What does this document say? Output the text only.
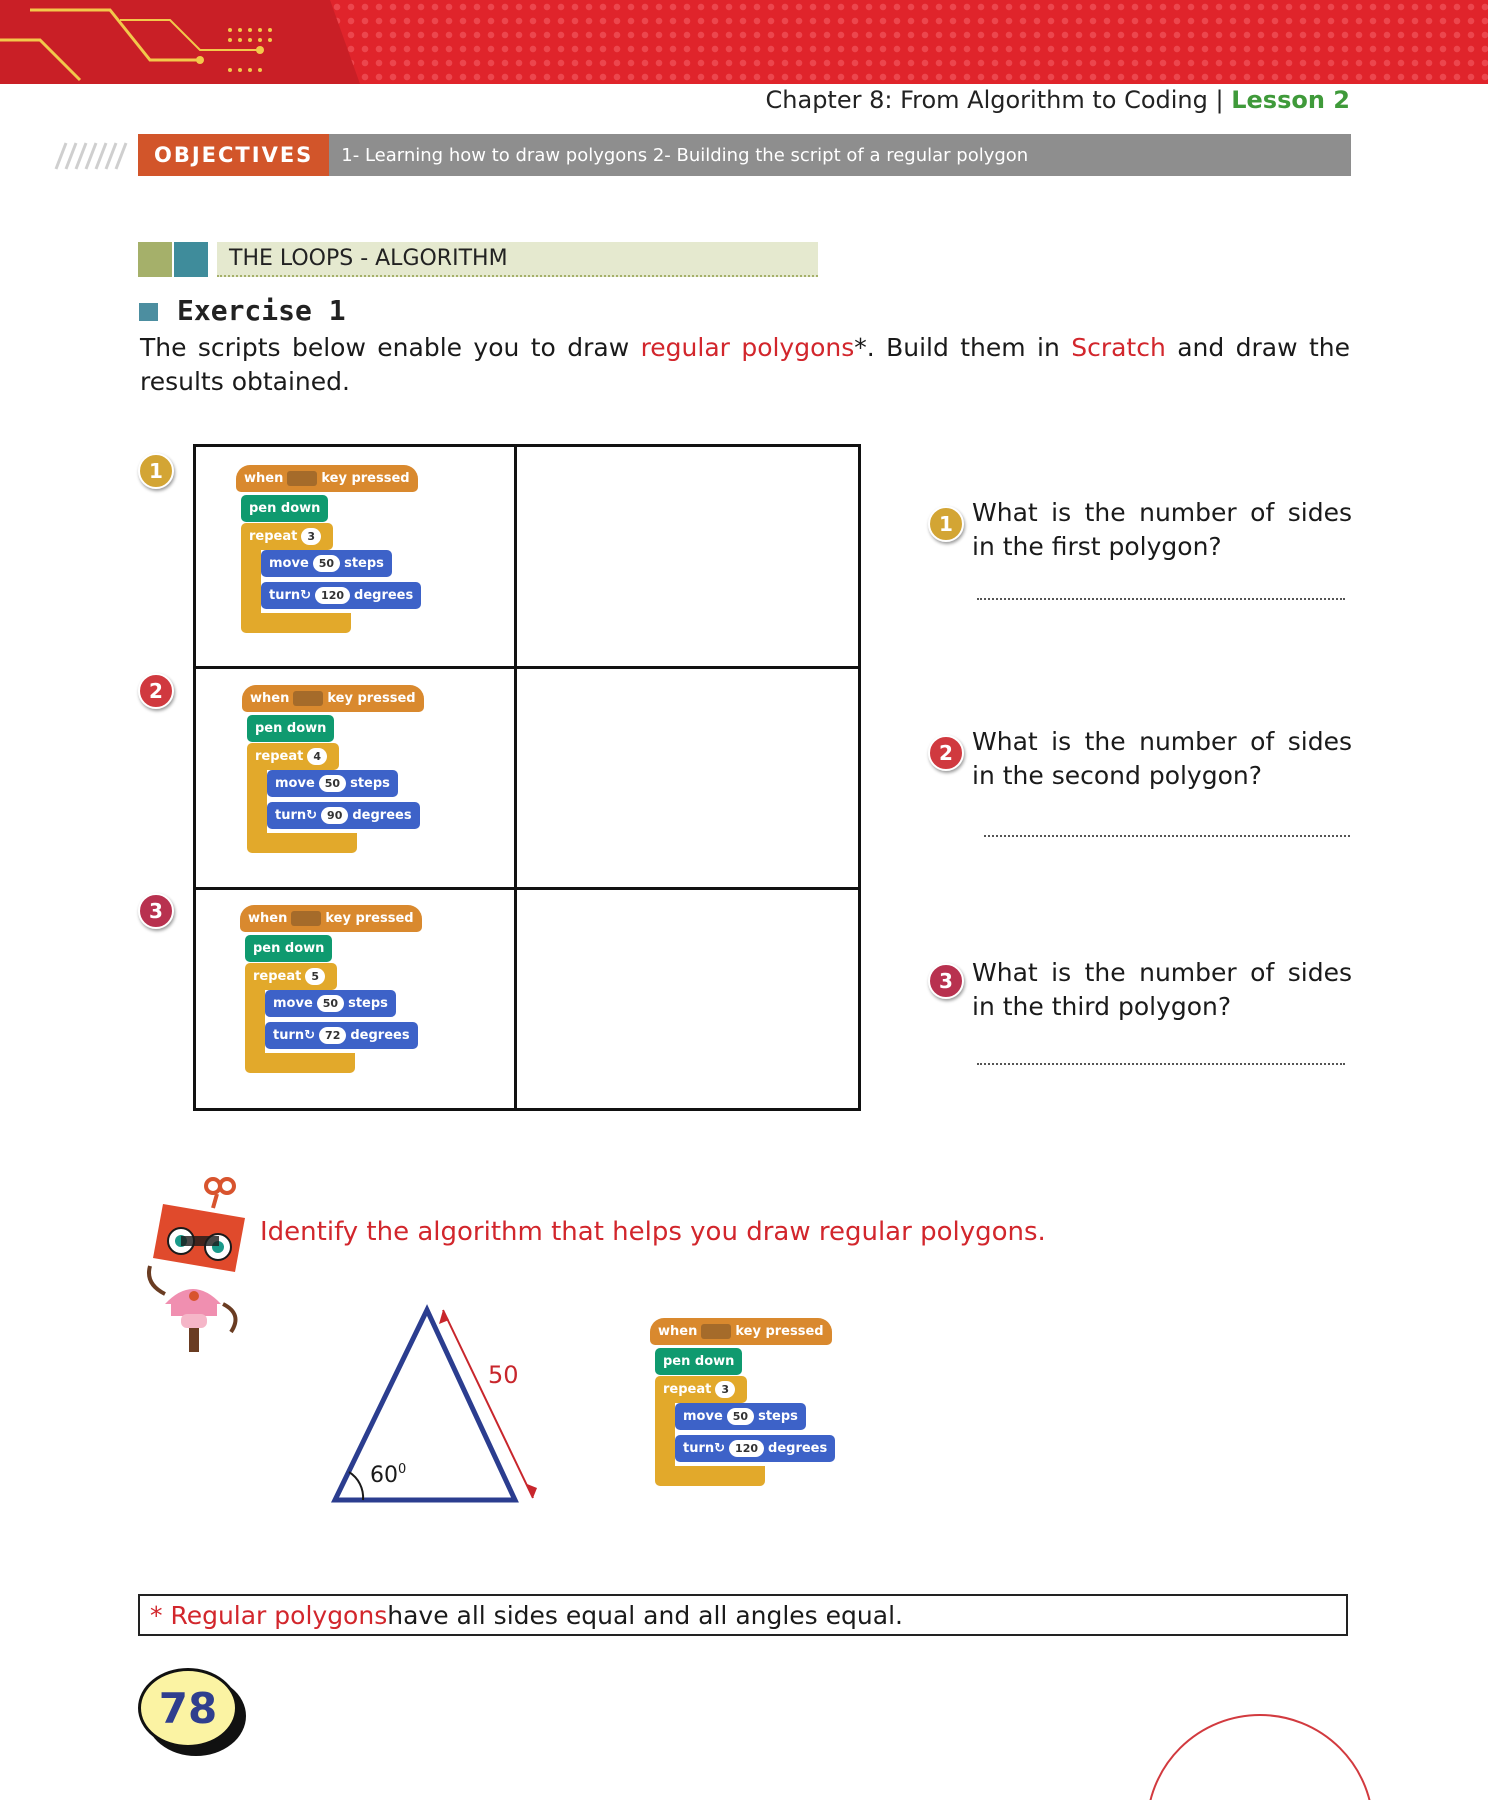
Chapter 8: From Algorithm to Coding | Lesson 2
OBJECTIVES	1- Learning how to draw polygons 2- Building the script of a regular polygon
THE LOOPS - ALGORITHM
Exercise 1
The scripts below enable you to draw regular polygons*. Build them in Scratch and draw the results obtained.
1
2
3
when	key pressed
pen down
repeat 3
move 50 steps
turn ↻ 120 degrees
when	key pressed
pen down
repeat 4
move 50 steps
turn ↻ 90 degrees
when	key pressed
pen down
repeat 5
move 50 steps
turn ↻ 72 degrees
1 What is the number of sides in the first polygon?
2 What is the number of sides in the second polygon?
3 What is the number of sides in the third polygon?
Identify the algorithm that helps you draw regular polygons.
50
$60^0$
when	key pressed
pen down
repeat 3
move 50 steps
turn ↻ 120 degrees
*
Regular polygons have all sides equal and all angles equal.
78
